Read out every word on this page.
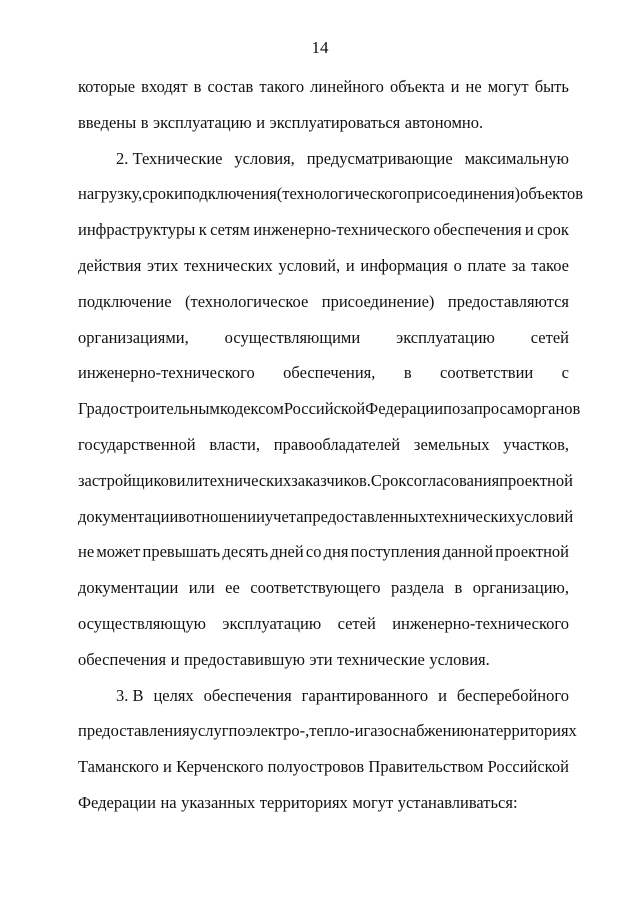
14
которые входят в состав такого линейного объекта и не могут быть
введены в эксплуатацию и эксплуатироваться автономно.
2. Технические условия, предусматривающие максимальную
нагрузку, сроки подключения (технологического присоединения) объектов
инфраструктуры к сетям инженерно-технического обеспечения и срок
действия этих технических условий, и информация о плате за такое
подключение (технологическое присоединение) предоставляются
организациями, осуществляющими эксплуатацию сетей
инженерно-технического обеспечения, в соответствии с
Градостроительным кодексом Российской Федерации по запросам органов
государственной власти, правообладателей земельных участков,
застройщиков или технических заказчиков. Срок согласования проектной
документации в отношении учета предоставленных технических условий
не может превышать десять дней со дня поступления данной проектной
документации или ее соответствующего раздела в организацию,
осуществляющую эксплуатацию сетей инженерно-технического
обеспечения и предоставившую эти технические условия.
3. В целях обеспечения гарантированного и бесперебойного
предоставления услуг по электро-, тепло- и газоснабжению на территориях
Таманского и Керченского полуостровов Правительством Российской
Федерации на указанных территориях могут устанавливаться:
